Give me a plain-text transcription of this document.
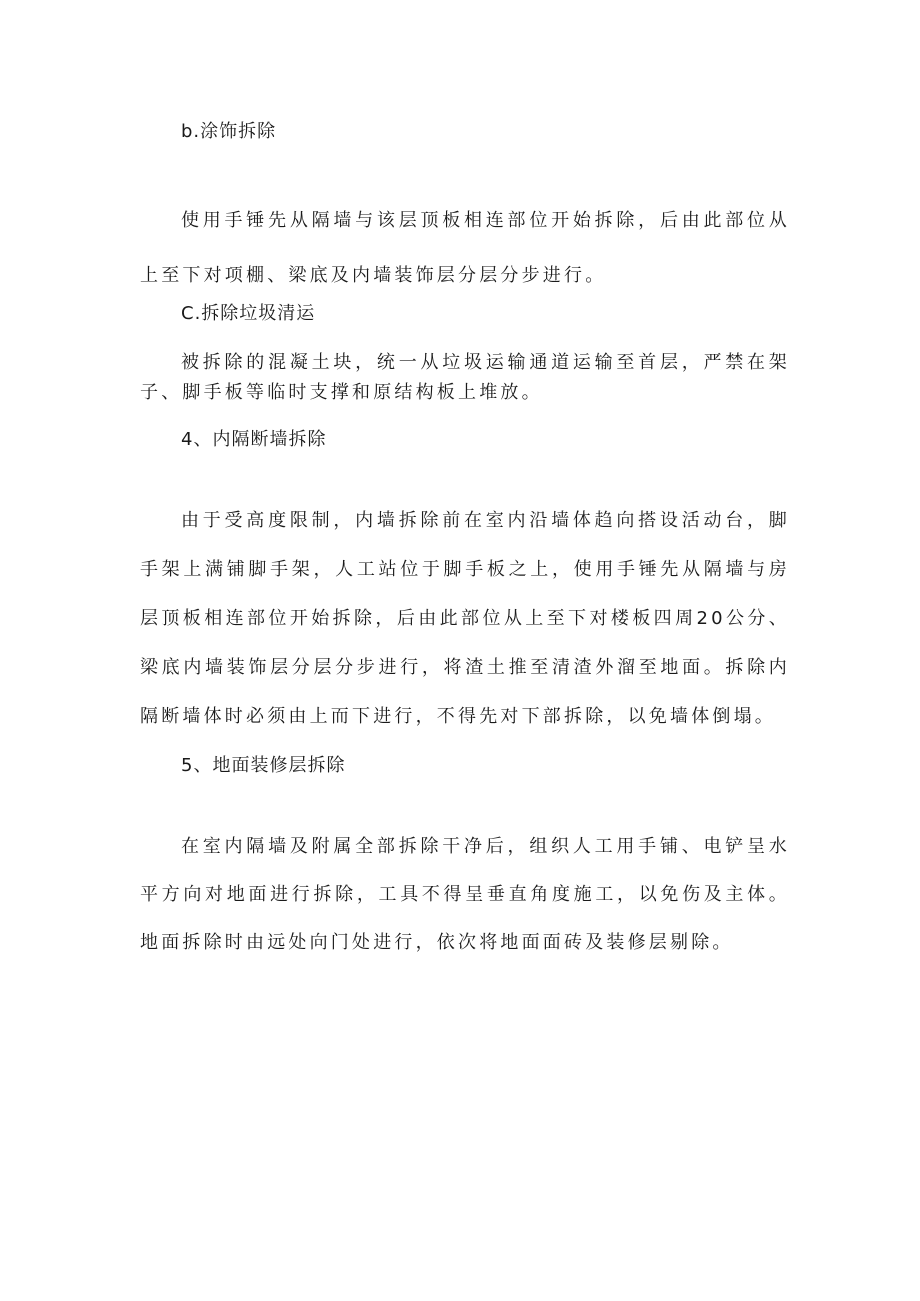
b.涂饰拆除

使用手锤先从隔墙与该层顶板相连部位开始拆除，后由此部位从上至下对项棚、梁底及内墙装饰层分层分步进行。

C.拆除垃圾清运

被拆除的混凝土块，统一从垃圾运输通道运输至首层，严禁在架子、脚手板等临时支撑和原结构板上堆放。

4、内隔断墙拆除

由于受高度限制，内墙拆除前在室内沿墙体趋向搭设活动台，脚手架上满铺脚手架，人工站位于脚手板之上，使用手锤先从隔墙与房层顶板相连部位开始拆除，后由此部位从上至下对楼板四周20公分、梁底内墙装饰层分层分步进行，将渣土推至清渣外溜至地面。拆除内隔断墙体时必须由上而下进行，不得先对下部拆除，以免墙体倒塌。

5、地面装修层拆除

在室内隔墙及附属全部拆除干净后，组织人工用手铺、电铲呈水平方向对地面进行拆除，工具不得呈垂直角度施工，以免伤及主体。地面拆除时由远处向门处进行，依次将地面面砖及装修层剔除。
